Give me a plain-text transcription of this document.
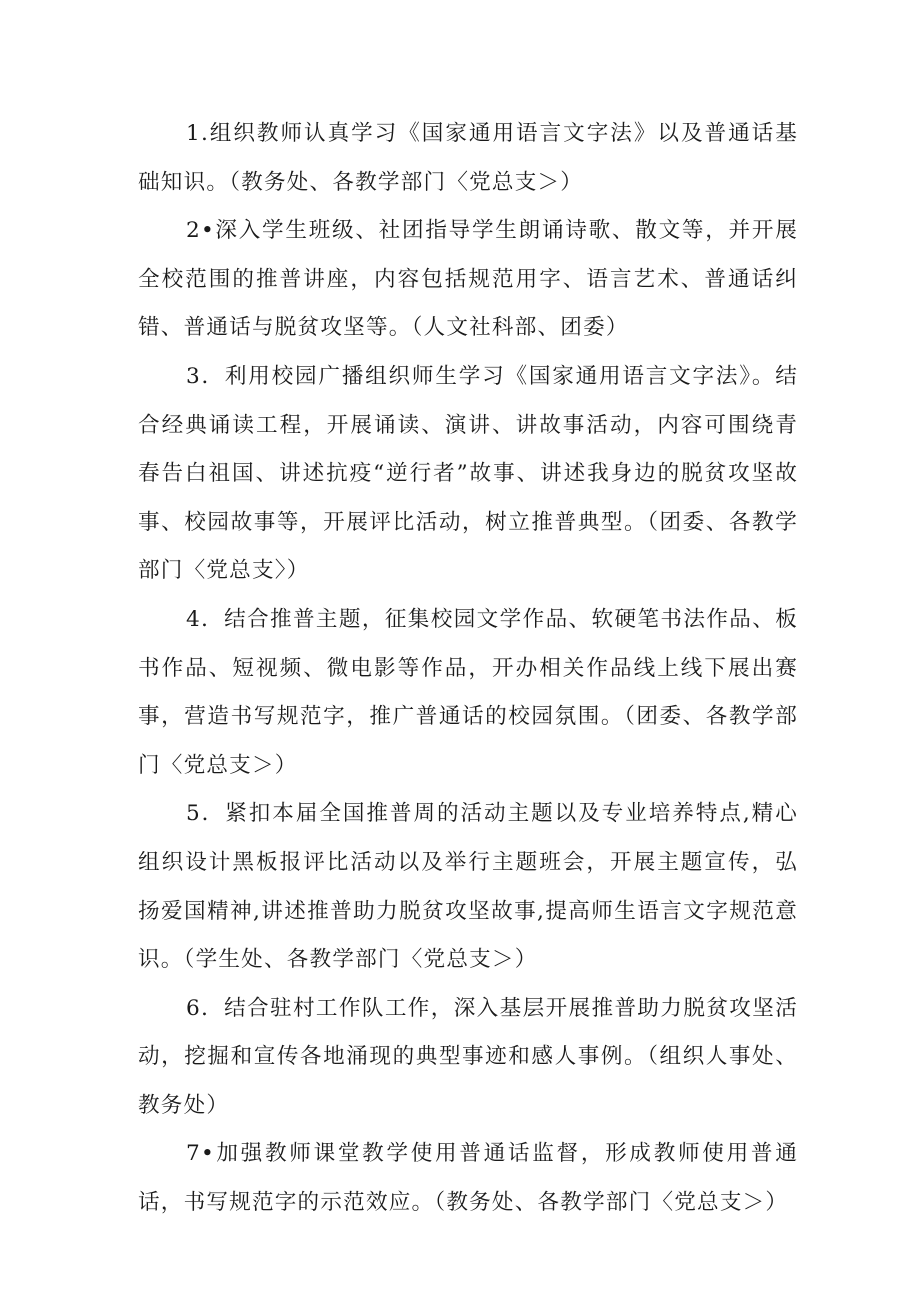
1.组织教师认真学习《国家通用语言文字法》以及普通话基础知识。（教务处、各教学部门〈党总支＞）

2•深入学生班级、社团指导学生朗诵诗歌、散文等，并开展全校范围的推普讲座，内容包括规范用字、语言艺术、普通话纠错、普通话与脱贫攻坚等。（人文社科部、团委）

3．利用校园广播组织师生学习《国家通用语言文字法》。结合经典诵读工程，开展诵读、演讲、讲故事活动，内容可围绕青春告白祖国、讲述抗疫“逆行者”故事、讲述我身边的脱贫攻坚故事、校园故事等，开展评比活动，树立推普典型。（团委、各教学部门〈党总支〉）

4．结合推普主题，征集校园文学作品、软硬笔书法作品、板书作品、短视频、微电影等作品，开办相关作品线上线下展出赛事，营造书写规范字，推广普通话的校园氛围。（团委、各教学部门〈党总支＞）

5．紧扣本届全国推普周的活动主题以及专业培养特点,精心组织设计黑板报评比活动以及举行主题班会，开展主题宣传，弘扬爱国精神,讲述推普助力脱贫攻坚故事,提高师生语言文字规范意识。（学生处、各教学部门〈党总支＞）

6．结合驻村工作队工作，深入基层开展推普助力脱贫攻坚活动，挖掘和宣传各地涌现的典型事迹和感人事例。（组织人事处、教务处）

7•加强教师课堂教学使用普通话监督，形成教师使用普通话，书写规范字的示范效应。（教务处、各教学部门〈党总支＞）
